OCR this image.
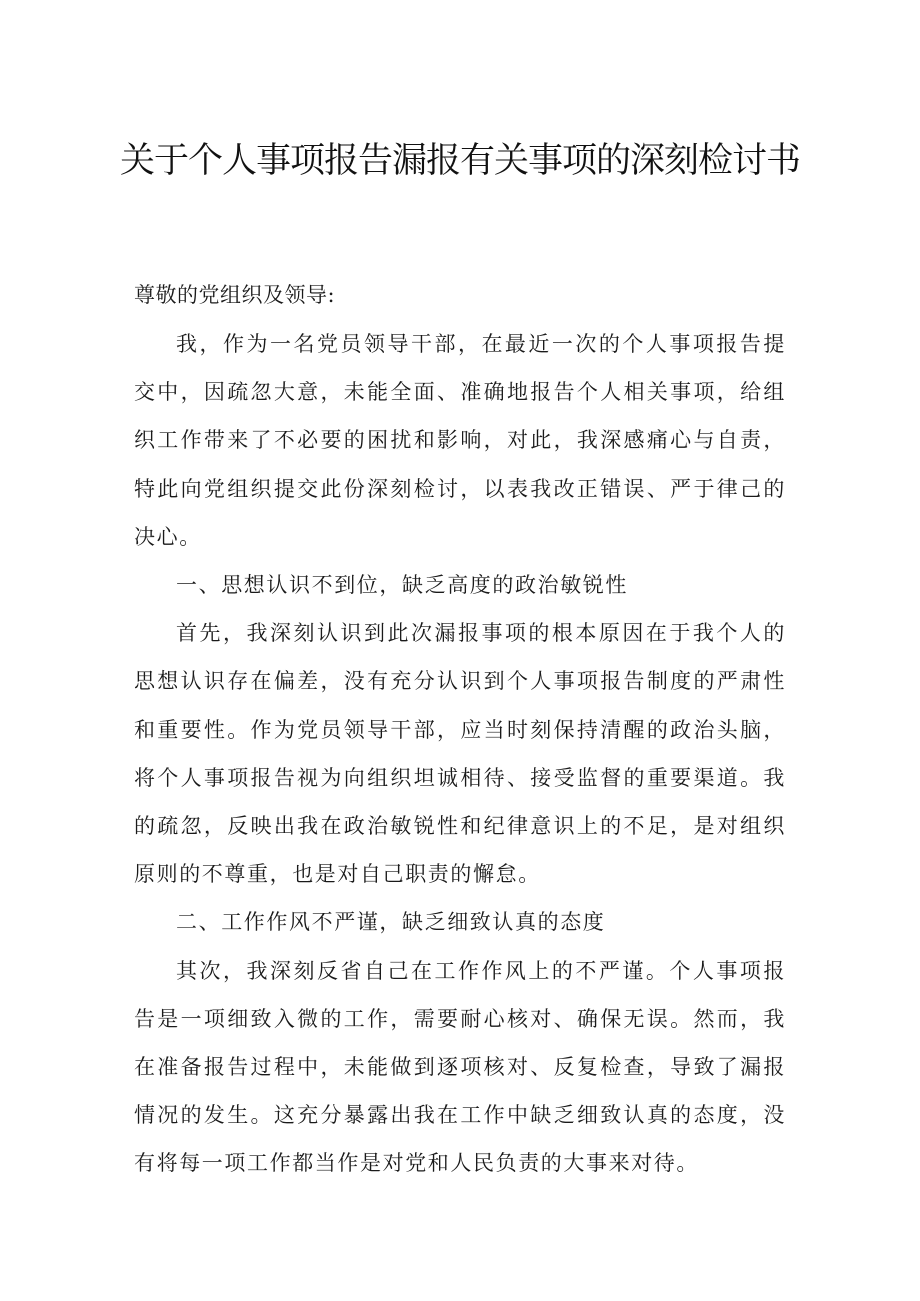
关于个人事项报告漏报有关事项的深刻检讨书

尊敬的党组织及领导:

我，作为一名党员领导干部，在最近一次的个人事项报告提交中，因疏忽大意，未能全面、准确地报告个人相关事项，给组织工作带来了不必要的困扰和影响，对此，我深感痛心与自责，特此向党组织提交此份深刻检讨，以表我改正错误、严于律己的决心。

一、思想认识不到位，缺乏高度的政治敏锐性

首先，我深刻认识到此次漏报事项的根本原因在于我个人的思想认识存在偏差，没有充分认识到个人事项报告制度的严肃性和重要性。作为党员领导干部，应当时刻保持清醒的政治头脑，将个人事项报告视为向组织坦诚相待、接受监督的重要渠道。我的疏忽，反映出我在政治敏锐性和纪律意识上的不足，是对组织原则的不尊重，也是对自己职责的懈怠。

二、工作作风不严谨，缺乏细致认真的态度

其次，我深刻反省自己在工作作风上的不严谨。个人事项报告是一项细致入微的工作，需要耐心核对、确保无误。然而，我在准备报告过程中，未能做到逐项核对、反复检查，导致了漏报情况的发生。这充分暴露出我在工作中缺乏细致认真的态度，没有将每一项工作都当作是对党和人民负责的大事来对待。
